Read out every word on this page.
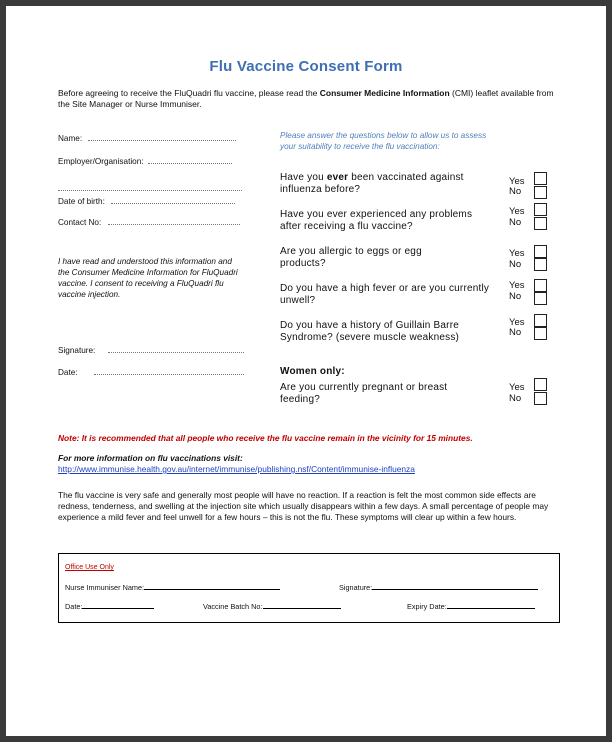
Flu Vaccine Consent Form
Before agreeing to receive the FluQuadri flu vaccine, please read the Consumer Medicine Information (CMI) leaflet available from the Site Manager or Nurse Immuniser.
Name:
Employer/Organisation:
Date of birth:
Contact No:
I have read and understood this information and the Consumer Medicine Information for FluQuadri vaccine. I consent to receiving a FluQuadri flu vaccine injection.
Signature:
Date:
Please answer the questions below to allow us to assess your suitability to receive the flu vaccination:
Have you ever been vaccinated against influenza before?
Yes
No
Have you ever experienced any problems after receiving a flu vaccine?
Yes
No
Are you allergic to eggs or egg products?
Yes
No
Do you have a high fever or are you currently unwell?
Yes
No
Do you have a history of Guillain Barre Syndrome? (severe muscle weakness)
Yes
No
Women only:
Are you currently pregnant or breast feeding?
Yes
No
Note: It is recommended that all people who receive the flu vaccine remain in the vicinity for 15 minutes.
For more information on flu vaccinations visit:
http://www.immunise.health.gov.au/internet/immunise/publishing.nsf/Content/immunise-influenza
The flu vaccine is very safe and generally most people will have no reaction. If a reaction is felt the most common side effects are redness, tenderness, and swelling at the injection site which usually disappears within a few days. A small percentage of people may experience a mild fever and feel unwell for a few hours – this is not the flu. These symptoms will clear up within a few hours.
Office Use Only
Nurse Immuniser Name:	Signature:
Date:	Vaccine Batch No:	Expiry Date:
